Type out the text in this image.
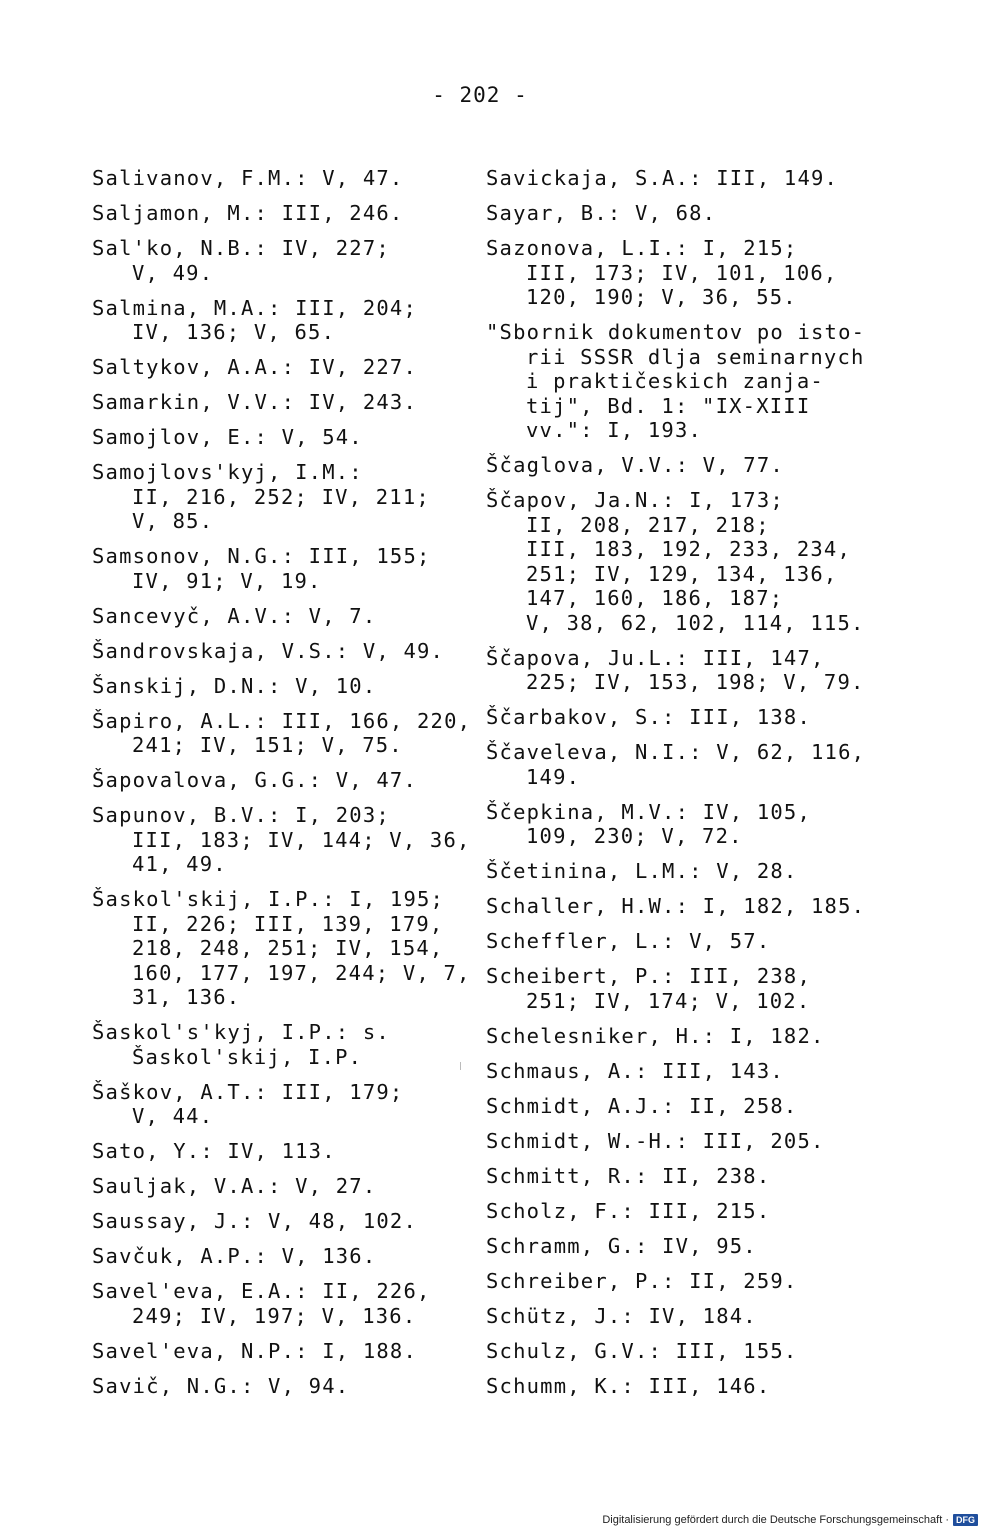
- 202 -
Salivanov, F.M.: V, 47.
Saljamon, M.: III, 246.
Sal'ko, N.B.: IV, 227;
V, 49.
Salmina, M.A.: III, 204;
IV, 136; V, 65.
Saltykov, A.A.: IV, 227.
Samarkin, V.V.: IV, 243.
Samojlov, E.: V, 54.
Samojlovs'kyj, I.M.:
II, 216, 252; IV, 211;
V, 85.
Samsonov, N.G.: III, 155;
IV, 91; V, 19.
Sancevyč, A.V.: V, 7.
Šandrovskaja, V.S.: V, 49.
Šanskij, D.N.: V, 10.
Šapiro, A.L.: III, 166, 220,
241; IV, 151; V, 75.
Šapovalova, G.G.: V, 47.
Sapunov, B.V.: I, 203;
III, 183; IV, 144; V, 36,
41, 49.
Šaskol'skij, I.P.: I, 195;
II, 226; III, 139, 179,
218, 248, 251; IV, 154,
160, 177, 197, 244; V, 7,
31, 136.
Šaskol's'kyj, I.P.: s.
Šaskol'skij, I.P.
Šaškov, A.T.: III, 179;
V, 44.
Sato, Y.: IV, 113.
Sauljak, V.A.: V, 27.
Saussay, J.: V, 48, 102.
Savčuk, A.P.: V, 136.
Savel'eva, E.A.: II, 226,
249; IV, 197; V, 136.
Savel'eva, N.P.: I, 188.
Savič, N.G.: V, 94.
Savickaja, S.A.: III, 149.
Sayar, B.: V, 68.
Sazonova, L.I.: I, 215;
III, 173; IV, 101, 106,
120, 190; V, 36, 55.
"Sbornik dokumentov po isto-
rii SSSR dlja seminarnych
i praktičeskich zanja-
tij", Bd. 1: "IX-XIII
vv.": I, 193.
Ščaglova, V.V.: V, 77.
Ščapov, Ja.N.: I, 173;
II, 208, 217, 218;
III, 183, 192, 233, 234,
251; IV, 129, 134, 136,
147, 160, 186, 187;
V, 38, 62, 102, 114, 115.
Ščapova, Ju.L.: III, 147,
225; IV, 153, 198; V, 79.
Ščarbakov, S.: III, 138.
Ščaveleva, N.I.: V, 62, 116,
149.
Ščepkina, M.V.: IV, 105,
109, 230; V, 72.
Ščetinina, L.M.: V, 28.
Schaller, H.W.: I, 182, 185.
Scheffler, L.: V, 57.
Scheibert, P.: III, 238,
251; IV, 174; V, 102.
Schelesniker, H.: I, 182.
Schmaus, A.: III, 143.
Schmidt, A.J.: II, 258.
Schmidt, W.-H.: III, 205.
Schmitt, R.: II, 238.
Scholz, F.: III, 215.
Schramm, G.: IV, 95.
Schreiber, P.: II, 259.
Schütz, J.: IV, 184.
Schulz, G.V.: III, 155.
Schumm, K.: III, 146.
Digitalisierung gefördert durch die Deutsche Forschungsgemeinschaft · DFG
